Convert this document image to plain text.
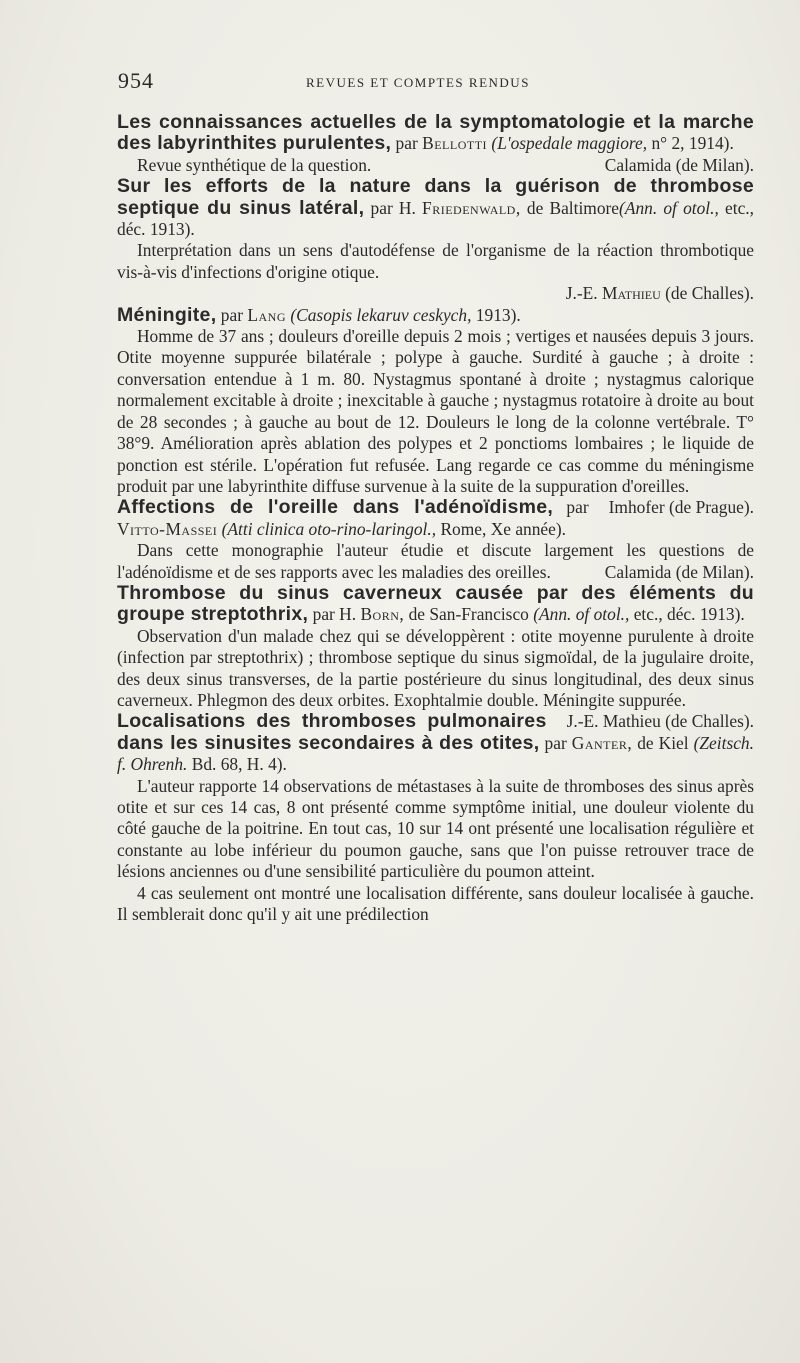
954	REVUES ET COMPTES RENDUS
Les connaissances actuelles de la symptomatologie et la marche des labyrinthites purulentes, par Bellotti (L'ospedale maggiore, n° 2, 1914).

Revue synthétique de la question.	Calamida (de Milan).

Sur les efforts de la nature dans la guérison de thrombose septique du sinus latéral, par H. Friedenwald, de Baltimore(Ann. of otol., etc., déc. 1913).

Interprétation dans un sens d'autodéfense de l'organisme de la réaction thrombotique vis-à-vis d'infections d'origine otique.

J.-E. Mathieu (de Challes).

Méningite, par Lang (Casopis lekaruv ceskych, 1913).

Homme de 37 ans ; douleurs d'oreille depuis 2 mois ; vertiges et nausées depuis 3 jours. Otite moyenne suppurée bilatérale ; polype à gauche. Surdité à gauche ; à droite : conversation entendue à 1 m. 80. Nystagmus spontané à droite ; nystagmus calorique normalement excitable à droite ; inexcitable à gauche ; nystagmus rotatoire à droite au bout de 28 secondes ; à gauche au bout de 12. Douleurs le long de la colonne vertébrale. T° 38°9. Amélioration après ablation des polypes et 2 ponctioms lombaires ; le liquide de ponction est stérile. L'opération fut refusée. Lang regarde ce cas comme du méningisme produit par une labyrinthite diffuse survenue à la suite de la suppuration d'oreilles.
Imhofer (de Prague).

Affections de l'oreille dans l'adénoïdisme, par Vitto-Massei (Atti clinica oto-rino-laringol., Rome, Xe année).

Dans cette monographie l'auteur étudie et discute largement les questions de l'adénoïdisme et de ses rapports avec les maladies des oreilles.	Calamida (de Milan).

Thrombose du sinus caverneux causée par des éléments du groupe streptothrix, par H. Born, de San-Francisco (Ann. of otol., etc., déc. 1913).

Observation d'un malade chez qui se développèrent : otite moyenne purulente à droite (infection par streptothrix) ; thrombose septique du sinus sigmoïdal, de la jugulaire droite, des deux sinus transverses, de la partie postérieure du sinus longitudinal, des deux sinus caverneux. Phlegmon des deux orbites. Exophtalmie double. Méningite suppurée.
J.-E. Mathieu (de Challes).

Localisations des thromboses pulmonaires dans les sinusites secondaires à des otites, par Ganter, de Kiel (Zeitsch. f. Ohrenh. Bd. 68, H. 4).

L'auteur rapporte 14 observations de métastases à la suite de thromboses des sinus après otite et sur ces 14 cas, 8 ont présenté comme symptôme initial, une douleur violente du côté gauche de la poitrine. En tout cas, 10 sur 14 ont présenté une localisation régulière et constante au lobe inférieur du poumon gauche, sans que l'on puisse retrouver trace de lésions anciennes ou d'une sensibilité particulière du poumon atteint.

4 cas seulement ont montré une localisation différente, sans douleur localisée à gauche. Il semblerait donc qu'il y ait une prédilection
